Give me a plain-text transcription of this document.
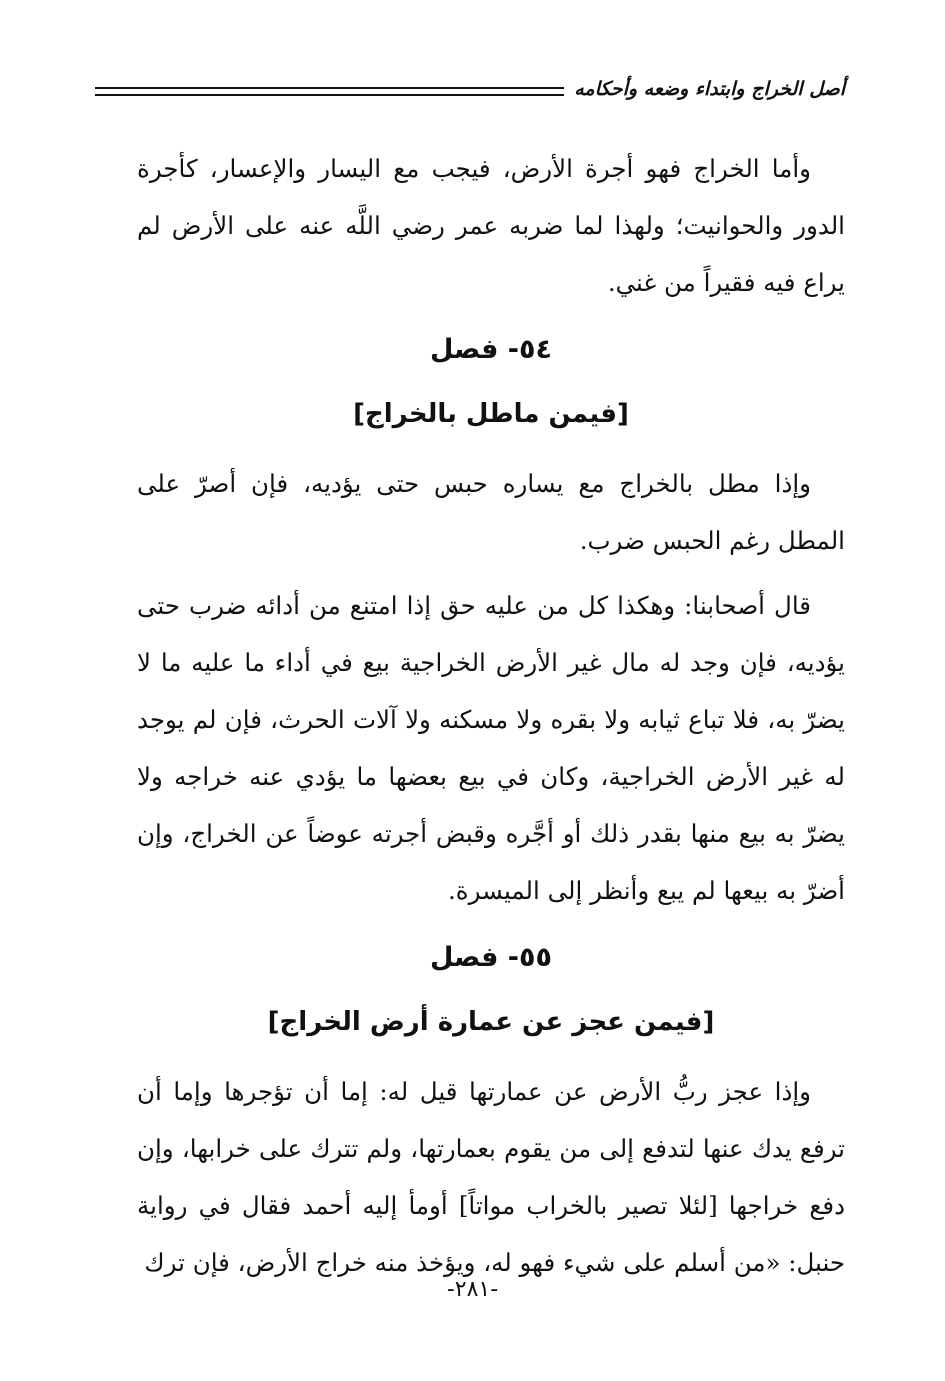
أصل الخراج وابتداء وضعه وأحكامه

وأما الخراج فهو أجرة الأرض، فيجب مع اليسار والإعسار، كأجرة الدور والحوانيت؛ ولهذا لما ضربه عمر رضي اللَّه عنه على الأرض لم يراع فيه فقيراً من غني.

٥٤- فصل
[فيمن ماطل بالخراج]

وإذا مطل بالخراج مع يساره حبس حتى يؤديه، فإن أصرّ على المطل رغم الحبس ضرب.

قال أصحابنا: وهكذا كل من عليه حق إذا امتنع من أدائه ضرب حتى يؤديه، فإن وجد له مال غير الأرض الخراجية بيع في أداء ما عليه ما لا يضرّ به، فلا تباع ثيابه ولا بقره ولا مسكنه ولا آلات الحرث، فإن لم يوجد له غير الأرض الخراجية، وكان في بيع بعضها ما يؤدي عنه خراجه ولا يضرّ به بيع منها بقدر ذلك أو أجَّره وقبض أجرته عوضاً عن الخراج، وإن أضرّ به بيعها لم يبع وأنظر إلى الميسرة.

٥٥- فصل
[فيمن عجز عن عمارة أرض الخراج]

وإذا عجز ربُّ الأرض عن عمارتها قيل له: إما أن تؤجرها وإما أن ترفع يدك عنها لتدفع إلى من يقوم بعمارتها، ولم تترك على خرابها، وإن دفع خراجها [لئلا تصير بالخراب مواتاً] أومأ إليه أحمد فقال في رواية حنبل: «من أسلم على شيء فهو له، ويؤخذ منه خراج الأرض، فإن ترك

-٢٨١-
